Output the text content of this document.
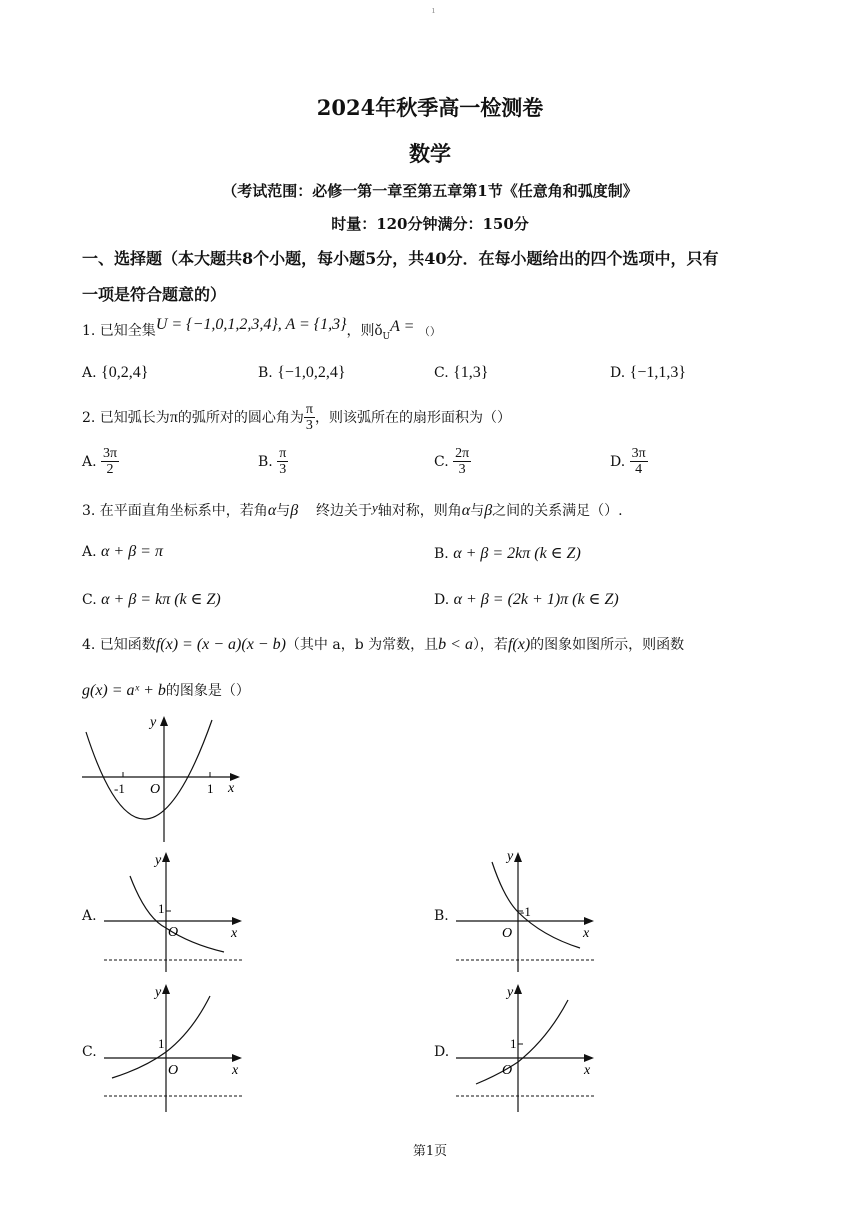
ı
2024年秋季高一检测卷
数学
（考试范围：必修一第一章至第五章第1节《任意角和弧度制》
时量：120分钟满分：150分
一、选择题（本大题共8个小题，每小题5分，共40分．在每小题给出的四个选项中，只有
一项是符合题意的）
1. 已知全集U = {−1,0,1,2,3,4}, A = {1,3}，则$ǒ_UA$ = （）
A. {0,2,4}	B. {−1,0,2,4}	C. {1,3}	D. {−1,1,3}
2. 已知弧长为π的弧所对的圆心角为 $\frac{\pi}{3}$ ，则该弧所在的扇形面积为（）
A. $\frac{3\pi}{2}$	B. $\frac{\pi}{3}$	C. $\frac{2\pi}{3}$	D. $\frac{3\pi}{4}$
3. 在平面直角坐标系中，若角α与β 终边关于y轴对称，则角α与β之间的关系满足（）.
A. α + β = π	B. α + β = 2kπ (k ∈ Z)
C. α + β = kπ (k ∈ Z)	D. α + β = (2k + 1)π (k ∈ Z)
4. 已知函数f(x) = (x − a)(x − b)（其中 a，b 为常数，且b < a），若f(x)的图象如图所示，则函数
g(x) = aˣ + b的图象是（）
y
x
O
-1	1
A.
y
x
O
1	B.
y
x
O
-1
C.
y
x
O
1
D.
y
x
O
1
第1页
